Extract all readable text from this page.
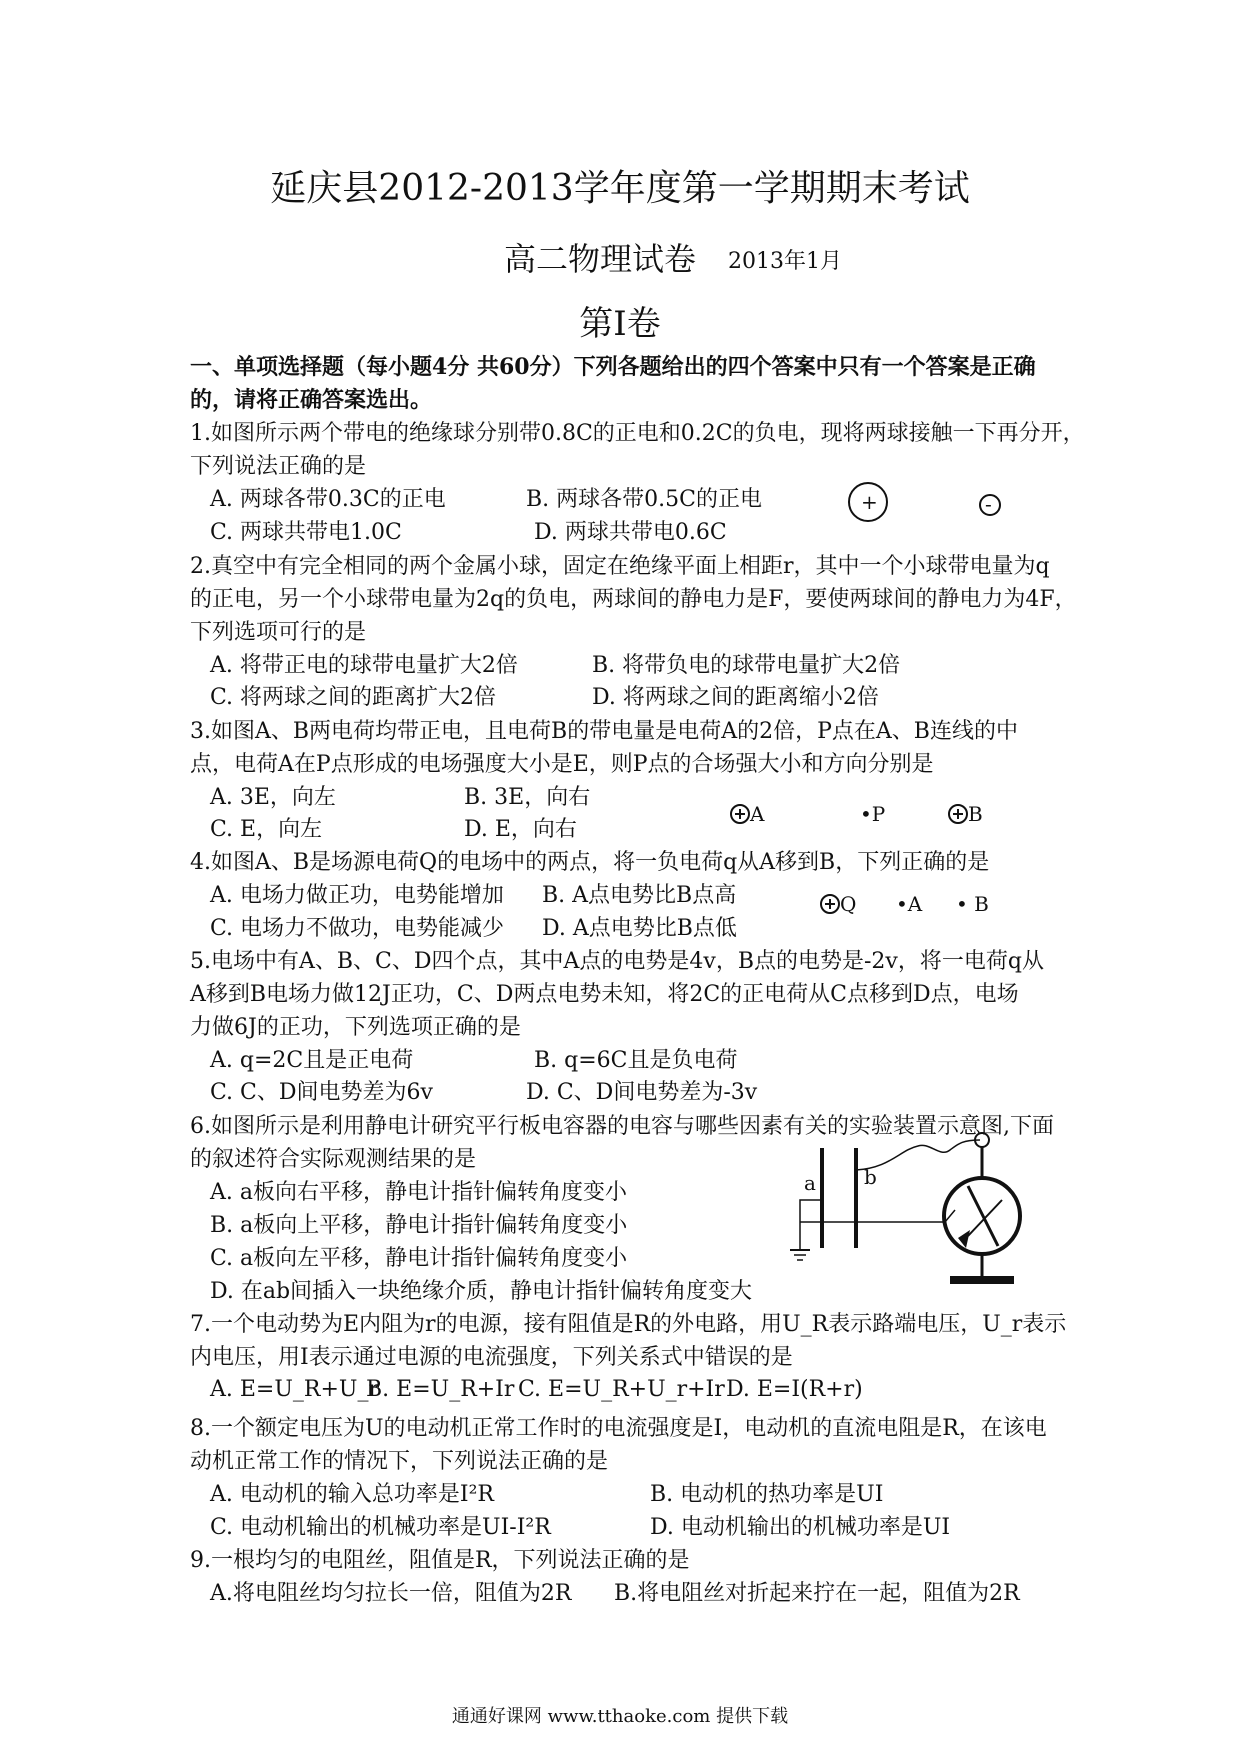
延庆县2012-2013学年度第一学期期末考试
高二物理试卷 2013年1月
第Ⅰ卷
一、单项选择题（每小题4分 共60分）下列各题给出的四个答案中只有一个答案是正确
的，请将正确答案选出。
1.如图所示两个带电的绝缘球分别带0.8C的正电和0.2C的负电，现将两球接触一下再分开，
下列说法正确的是
A. 两球各带0.3C的正电	B. 两球各带0.5C的正电
C. 两球共带电1.0C	D. 两球共带电0.6C
+	-
2.真空中有完全相同的两个金属小球，固定在绝缘平面上相距r，其中一个小球带电量为q
的正电，另一个小球带电量为2q的负电，两球间的静电力是F，要使两球间的静电力为4F，
下列选项可行的是
A. 将带正电的球带电量扩大2倍	B. 将带负电的球带电量扩大2倍
C. 将两球之间的距离扩大2倍	D. 将两球之间的距离缩小2倍
3.如图A、B两电荷均带正电，且电荷B的带电量是电荷A的2倍，P点在A、B连线的中
点，电荷A在P点形成的电场强度大小是E，则P点的合场强大小和方向分别是
A. 3E，向左	B. 3E，向右
C. E，向左	D. E，向右
A	•P	B
4.如图A、B是场源电荷Q的电场中的两点，将一负电荷q从A移到B，下列正确的是
A. 电场力做正功，电势能增加 B. A点电势比B点高
C. 电场力不做功，电势能减少 D. A点电势比B点低
Q •A • B
5.电场中有A、B、C、D四个点，其中A点的电势是4v，B点的电势是-2v，将一电荷q从
A移到B电场力做12J正功，C、D两点电势未知，将2C的正电荷从C点移到D点，电场
力做6J的正功，下列选项正确的是
A. q=2C且是正电荷	B. q=6C且是负电荷
C. C、D间电势差为6v	D. C、D间电势差为-3v
6.如图所示是利用静电计研究平行板电容器的电容与哪些因素有关的实验装置示意图,下面
的叙述符合实际观测结果的是
A. a板向右平移，静电计指针偏转角度变小
B. a板向上平移，静电计指针偏转角度变小
C. a板向左平移，静电计指针偏转角度变小
D. 在ab间插入一块绝缘介质，静电计指针偏转角度变大
a b
7.一个电动势为E内阻为r的电源，接有阻值是R的外电路，用U_R表示路端电压，U_r表示
内电压，用I表示通过电源的电流强度，下列关系式中错误的是
A. E=U_R+U_r
B. E=U_R+Ir C. E=U_R+U_r+Ir D. E=I(R+r)
8.一个额定电压为U的电动机正常工作时的电流强度是I，电动机的直流电阻是R，在该电
动机正常工作的情况下，下列说法正确的是
A. 电动机的输入总功率是I²R	B. 电动机的热功率是UI
C. 电动机输出的机械功率是UI-I²R	D. 电动机输出的机械功率是UI
9.一根均匀的电阻丝，阻值是R，下列说法正确的是
A.将电阻丝均匀拉长一倍，阻值为2R B.将电阻丝对折起来拧在一起，阻值为2R
通通好课网 www.tthaoke.com 提供下载
